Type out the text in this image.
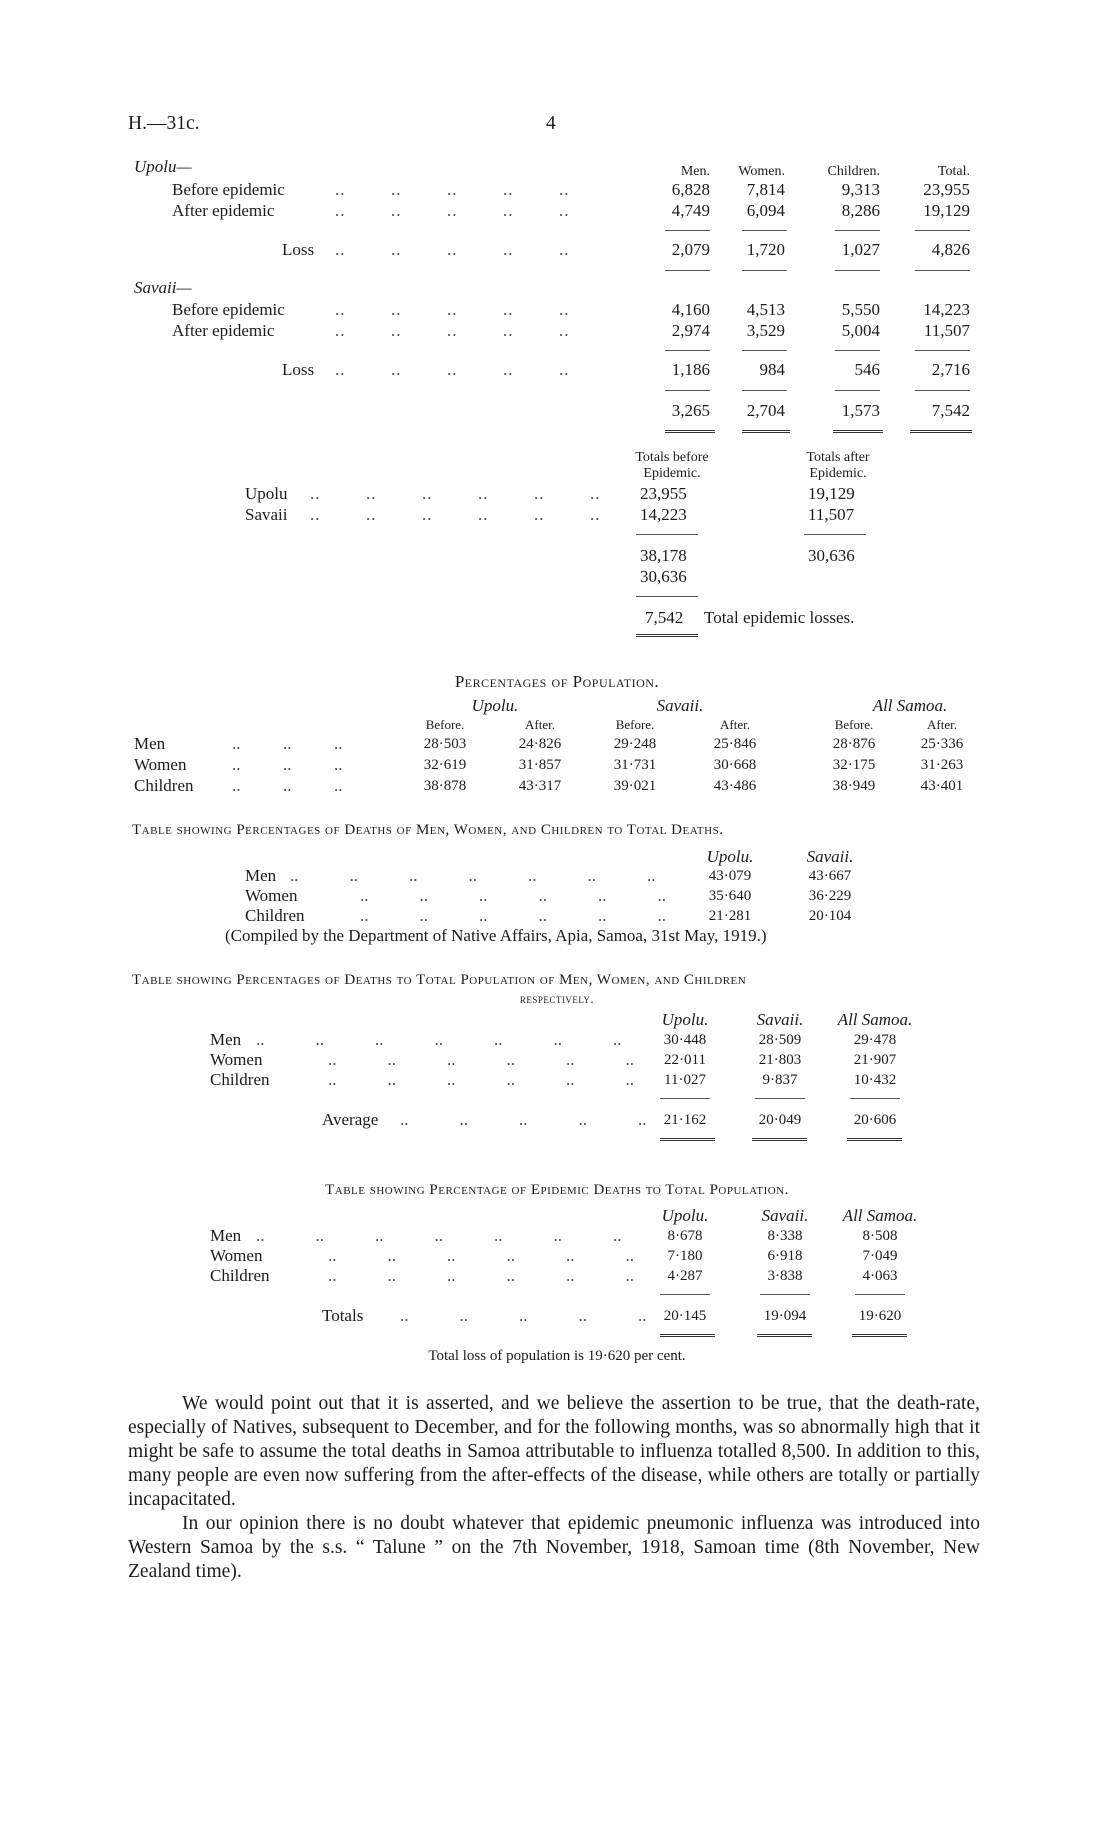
H.—31c.	4
Men.	Women.	Children.	Total.
Upolu—
Before epidemic	..   ..   ..   ..   ..	6,828	7,814	9,313	23,955
After epidemic	..   ..   ..   ..   ..	4,749	6,094	8,286	19,129
Loss ..   ..   ..   ..   ..	2,079	1,720	1,027	4,826
Savaii—
Before epidemic	..   ..   ..   ..   ..	4,160	4,513	5,550	14,223
After epidemic	..   ..   ..   ..   ..	2,974	3,529	5,004	11,507
Loss ..   ..   ..   ..   ..	1,186	984	546	2,716
3,265	2,704	1,573	7,542
Totals before Epidemic.
Totals after Epidemic.
Upolu ..   ..   ..   ..   ..   .. 23,955	19,129
Savaii ..   ..   ..   ..   ..   .. 14,223	11,507
38,178	30,636
30,636
7,542 Total epidemic losses.
Percentages of Population.
Upolu.	Savaii.	All Samoa.
Before.	After.	Before.	After.	Before.	After.
Men	..   ..   ..	28·503	24·826	29·248	25·846	28·876	25·336
Women	..   ..   ..	32·619	31·857	31·731	30·668	32·175	31·263
Children ..   ..   ..	38·878	43·317	39·021	43·486	38·949	43·401
Table showing Percentages of Deaths of Men, Women, and Children to Total Deaths.
Upolu.	Savaii.
Men ..   ..   ..   ..   ..   ..   ..	43·079	43·667
Women	..   ..   ..   ..   ..   ..	35·640	36·229
Children	..   ..   ..   ..   ..   ..	21·281	20·104
(Compiled by the Department of Native Affairs, Apia, Samoa, 31st May, 1919.)
Table showing Percentages of Deaths to Total Population of Men, Women, and Children
respectively.
Upolu.	Savaii.	All Samoa.
Men ..   ..   ..   ..   ..   ..   ..	30·448	28·509	29·478
Women	..   ..   ..   ..   ..   ..	22·011	21·803	21·907
Children	..   ..   ..   ..   ..   ..	11·027	9·837	10·432
Average ..   ..   ..   ..   ..	21·162	20·049	20·606
Table showing Percentage of Epidemic Deaths to Total Population.
Upolu.	Savaii.	All Samoa.
Men ..   ..   ..   ..   ..   ..   ..	8·678	8·338	8·508
Women	..   ..   ..   ..   ..   ..	7·180	6·918	7·049
Children	..   ..   ..   ..   ..   ..	4·287	3·838	4·063
Totals ..   ..   ..   ..   ..	20·145	19·094	19·620
Total loss of population is 19·620 per cent.

We would point out that it is asserted, and we believe the assertion to be true, that the death-rate, especially of Natives, subsequent to December, and for the following months, was so abnormally high that it might be safe to assume the total deaths in Samoa attributable to influenza totalled 8,500. In addition to this, many people are even now suffering from the after-effects of the disease, while others are totally or partially incapacitated.

In our opinion there is no doubt whatever that epidemic pneumonic influenza was introduced into Western Samoa by the s.s. “ Talune ” on the 7th November, 1918, Samoan time (8th November, New Zealand time).
